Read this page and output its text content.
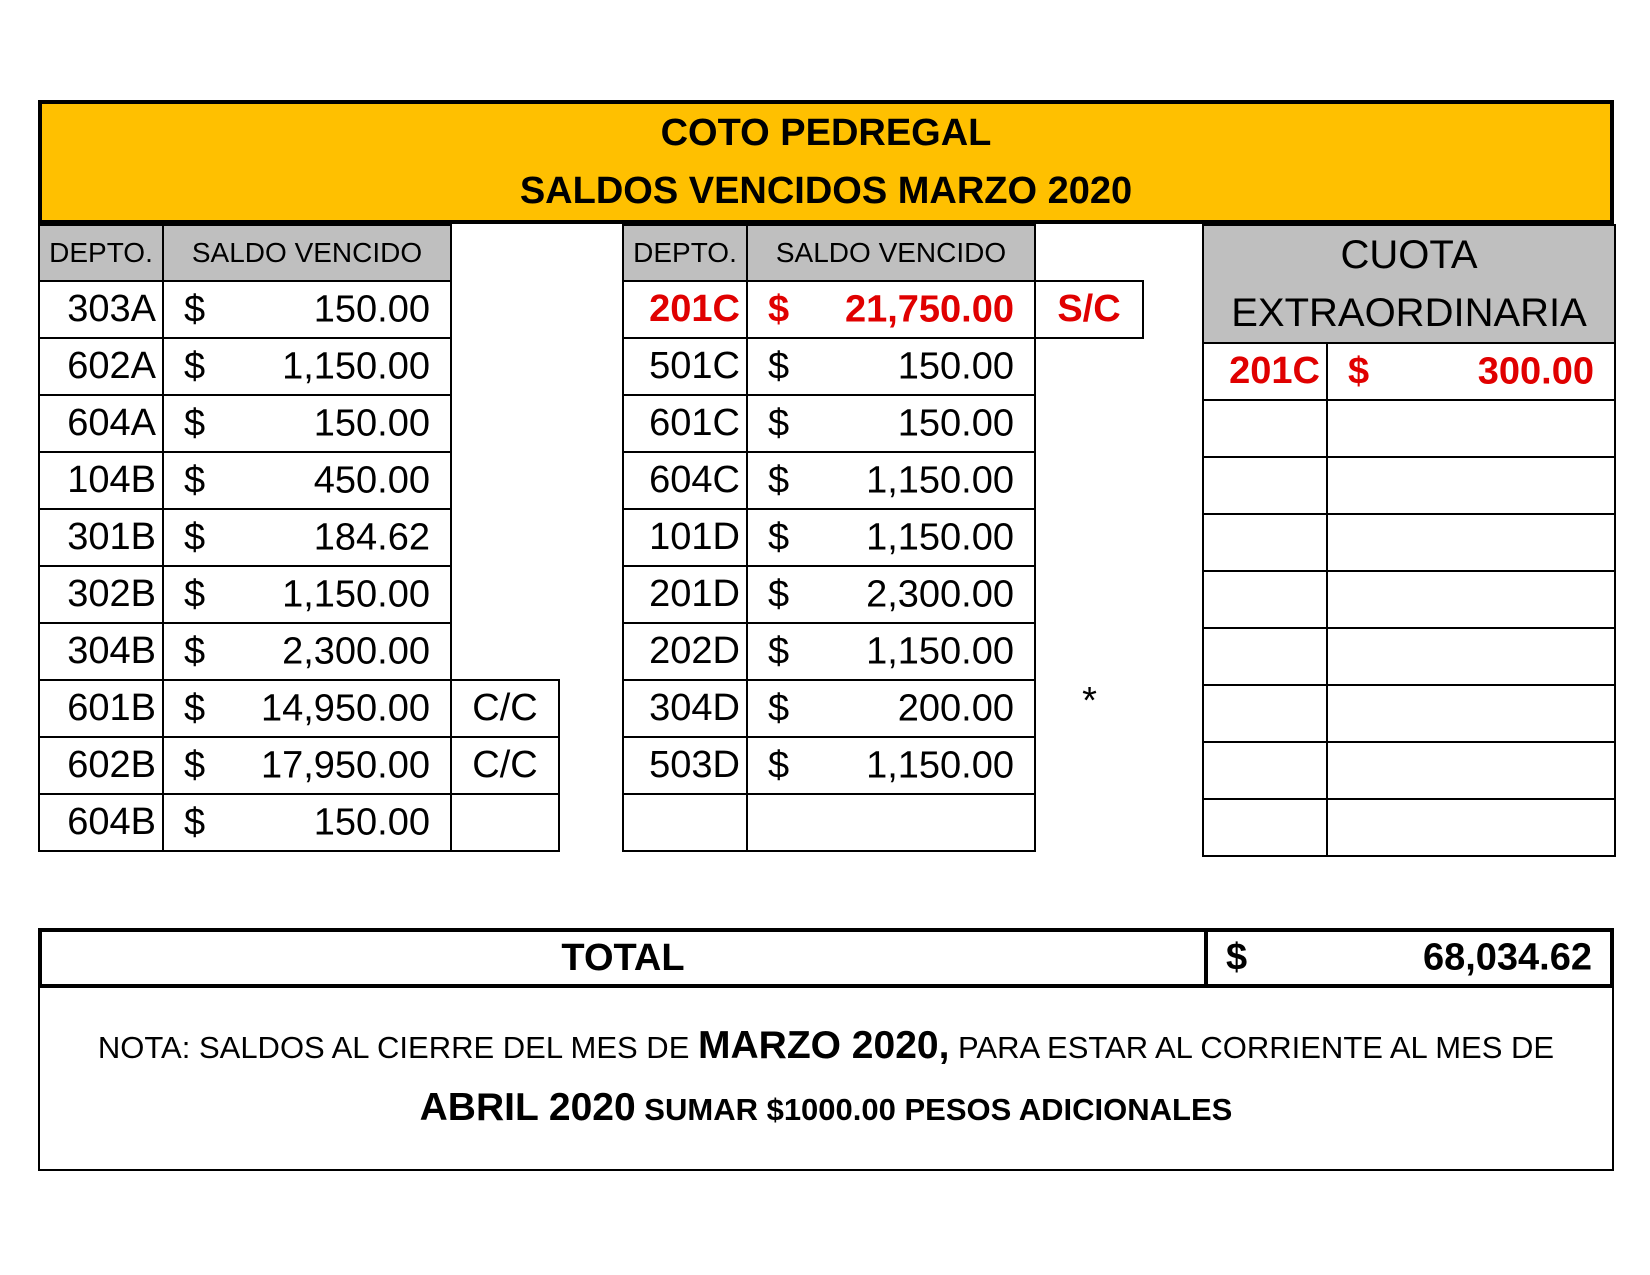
COTO PEDREGAL
SALDOS VENCIDOS MARZO 2020
DEPTO.	SALDO VENCIDO	
303A	$ 150.00	

602A	$ 1,150.00	

604A	$ 150.00	

104B	$ 450.00	

301B	$ 184.62	

302B	$ 1,150.00	

304B	$ 2,300.00	

601B	$ 14,950.00	C/C
602B	$ 17,950.00	C/C
604B	$ 150.00	

DEPTO.	SALDO VENCIDO	
201C	$ 21,750.00	S/C
501C	$ 150.00	

601C	$ 150.00	

604C	$ 1,150.00	

101D	$ 1,150.00	

201D	$ 2,300.00	

202D	$ 1,150.00	

304D	$ 200.00	*
503D	$ 1,150.00	

CUOTA
EXTRAORDINARIA	

201C	$ 300.00

TOTAL	$	68,034.62
NOTA: SALDOS AL CIERRE DEL MES DE MARZO 2020, PARA ESTAR AL CORRIENTE AL MES DE
ABRIL 2020 SUMAR $1000.00 PESOS ADICIONALES
